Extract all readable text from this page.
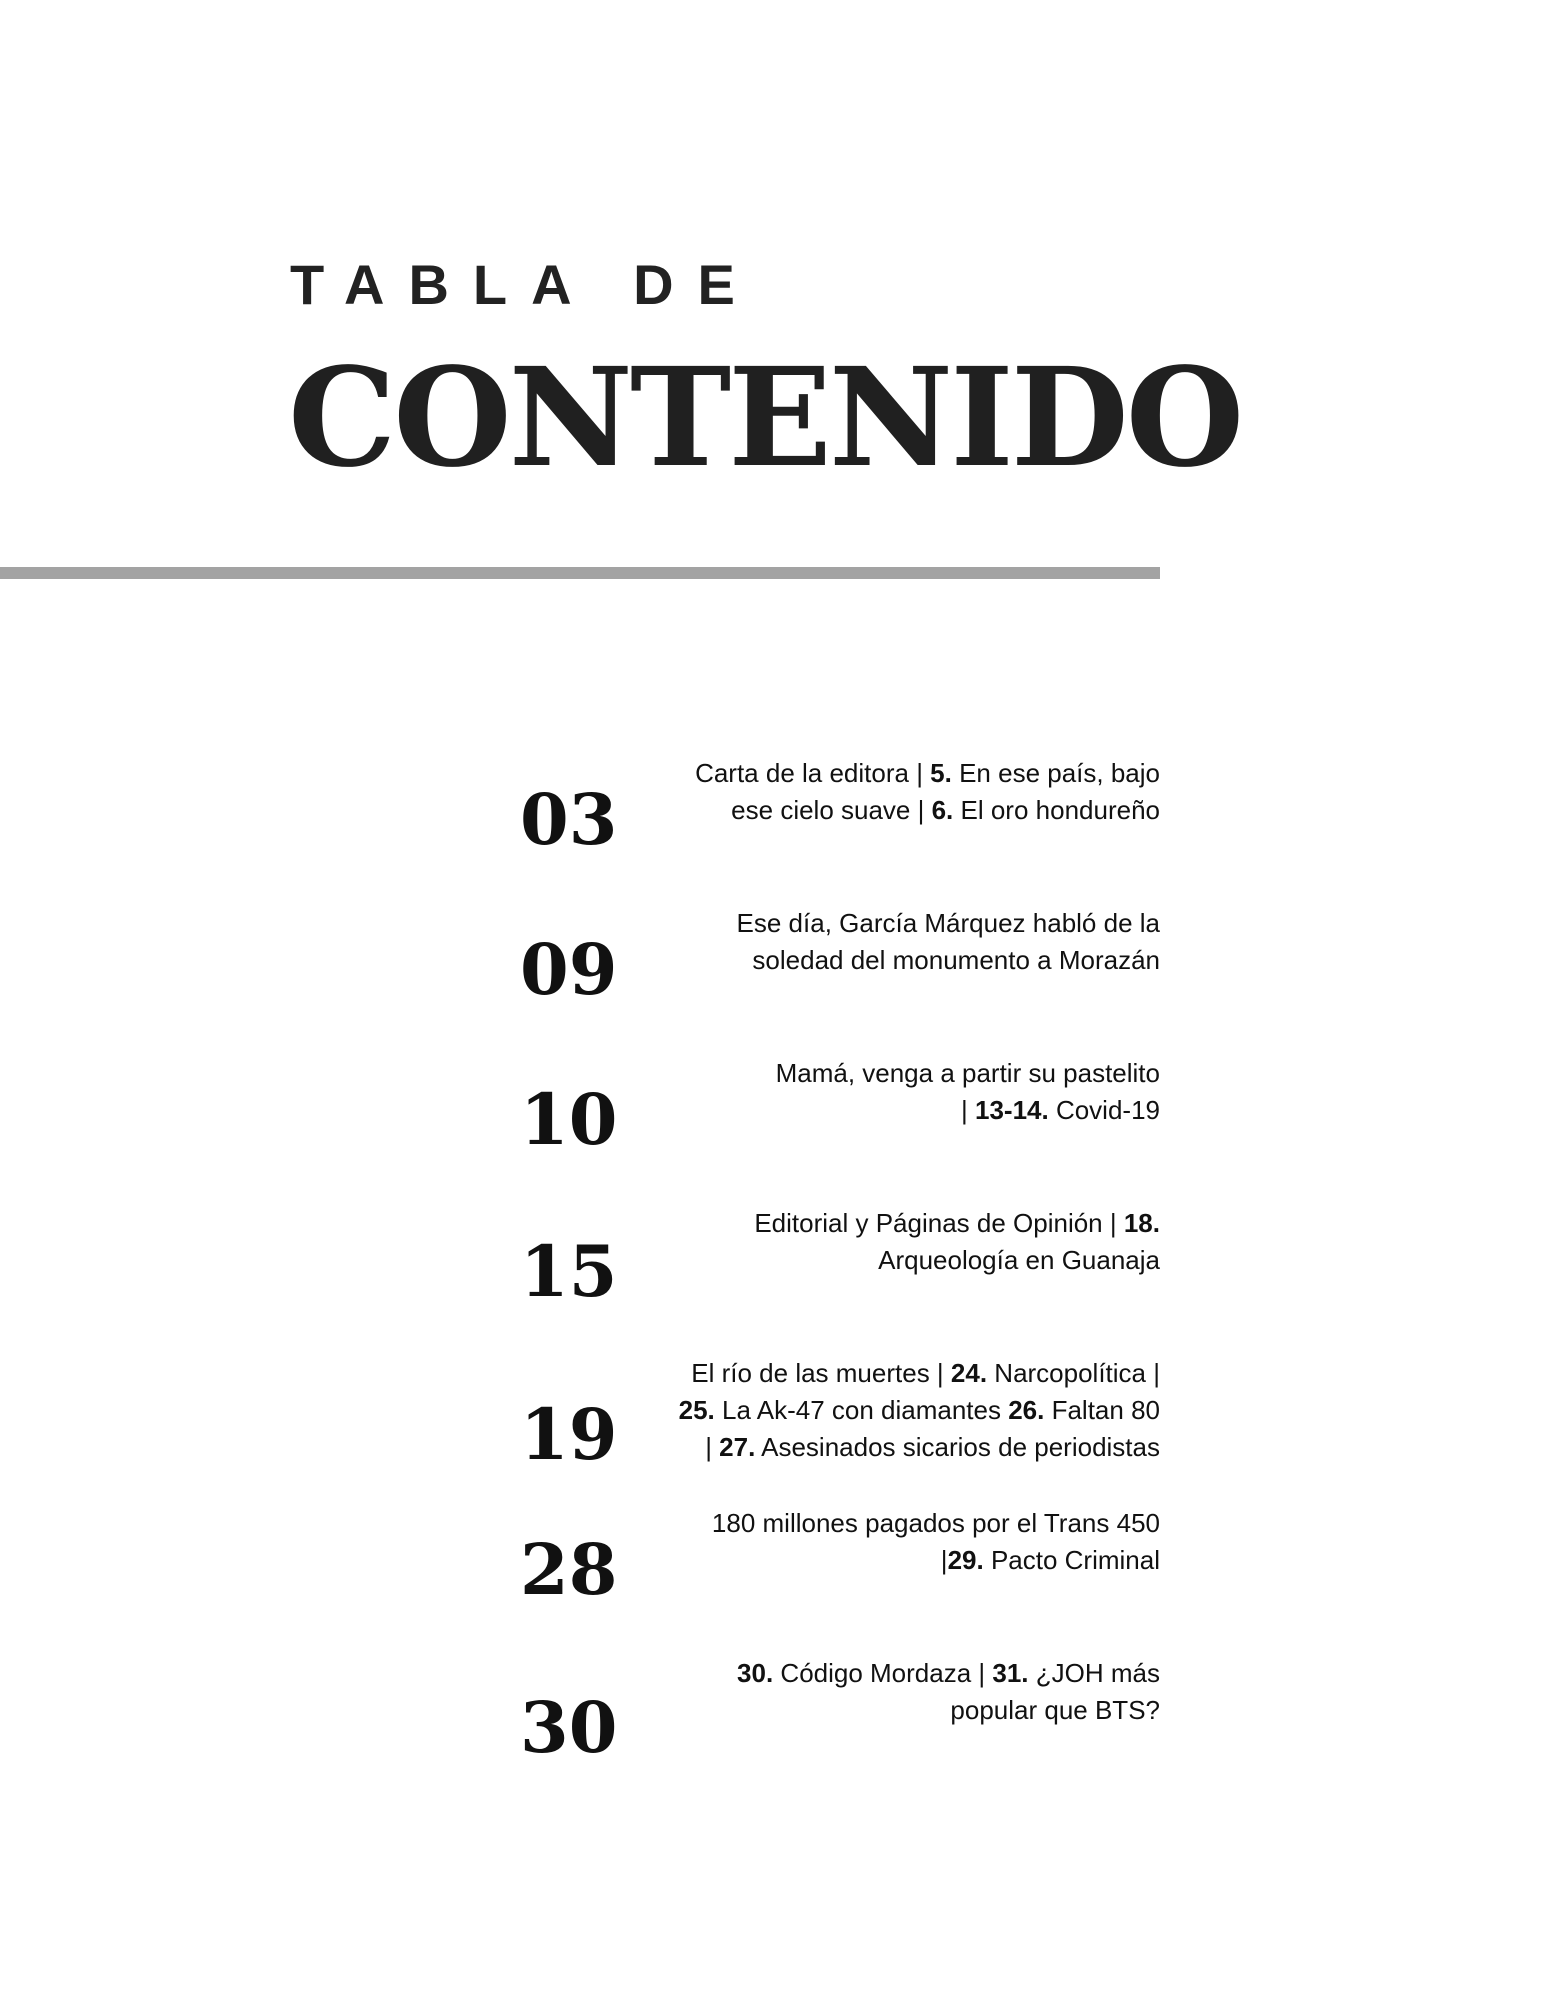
TABLA DE
CONTENIDO
03
Carta de la editora | 5. En ese país, bajo
ese cielo suave | 6. El oro hondureño
09
Ese día, García Márquez habló de la
soledad del monumento a Morazán
10
Mamá, venga a partir su pastelito
| 13-14. Covid-19
15
Editorial y Páginas de Opinión | 18.
Arqueología en Guanaja
19
El río de las muertes | 24. Narcopolítica |
25. La Ak-47 con diamantes 26. Faltan 80
| 27. Asesinados sicarios de periodistas
28
180 millones pagados por el Trans 450
|29. Pacto Criminal
30
30. Código Mordaza | 31. ¿JOH más
popular que BTS?
